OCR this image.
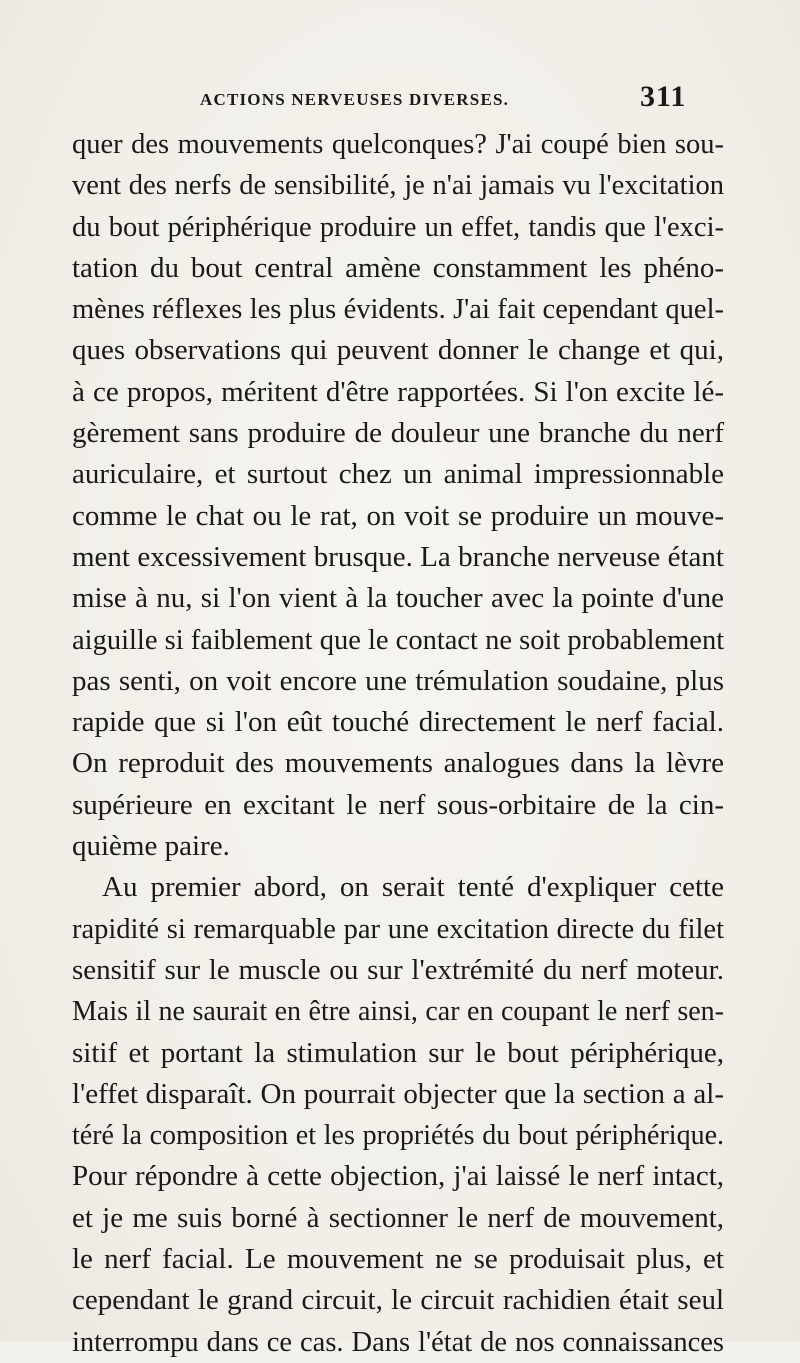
ACTIONS NERVEUSES DIVERSES.	311
quer des mouvements quelconques? J'ai coupé bien sou-
vent des nerfs de sensibilité, je n'ai jamais vu l'excitation
du bout périphérique produire un effet, tandis que l'exci-
tation du bout central amène constamment les phéno-
mènes réflexes les plus évidents. J'ai fait cependant quel-
ques observations qui peuvent donner le change et qui,
à ce propos, méritent d'être rapportées. Si l'on excite lé-
gèrement sans produire de douleur une branche du nerf
auriculaire, et surtout chez un animal impressionnable
comme le chat ou le rat, on voit se produire un mouve-
ment excessivement brusque. La branche nerveuse étant
mise à nu, si l'on vient à la toucher avec la pointe d'une
aiguille si faiblement que le contact ne soit probablement
pas senti, on voit encore une trémulation soudaine, plus
rapide que si l'on eût touché directement le nerf facial.
On reproduit des mouvements analogues dans la lèvre
supérieure en excitant le nerf sous-orbitaire de la cin-
quième paire.
Au premier abord, on serait tenté d'expliquer cette
rapidité si remarquable par une excitation directe du filet
sensitif sur le muscle ou sur l'extrémité du nerf moteur.
Mais il ne saurait en être ainsi, car en coupant le nerf sen-
sitif et portant la stimulation sur le bout périphérique,
l'effet disparaît. On pourrait objecter que la section a al-
téré la composition et les propriétés du bout périphérique.
Pour répondre à cette objection, j'ai laissé le nerf intact,
et je me suis borné à sectionner le nerf de mouvement,
le nerf facial. Le mouvement ne se produisait plus, et
cependant le grand circuit, le circuit rachidien était seul
interrompu dans ce cas. Dans l'état de nos connaissances
